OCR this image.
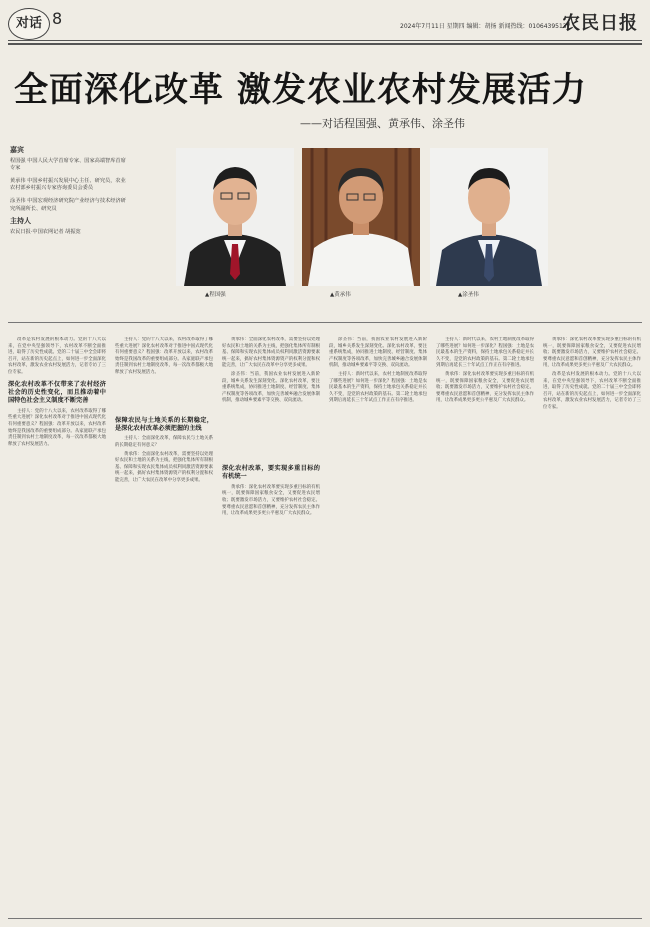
对话 8	2024年7月11日 星期四 编辑：胡扬 新闻热线：01064395137
农民日报
全面深化改革 激发农业农村发展活力
——对话程国强、黄承伟、涂圣伟
嘉宾
程国强 中国人民大学首席专家、国家高端智库首席专家
黄承伟 中国乡村振兴发展中心主任、研究员，农业农村部乡村振兴专家咨询委员会委员
涂圣伟 中国宏观经济研究院产业经济与技术经济研究所副所长、研究员
主持人
农民日报·中国农网记者 胡振宽
▲程国强	▲黄承伟	▲涂圣伟

改革是农村发展的根本动力。党的十八大以来，在党中央坚强领导下，农村改革不断全面推进，取得了历史性成就。党的二十届三中全会即将召开，站在新的历史起点上，如何进一步全面深化农村改革，激发农业农村发展活力，记者专访了三位专家。

深化农村改革不仅带来了农村经济社会的历史性变化，而且推动着中国特色社会主义制度不断完善

主持人：党的十八大以来，农村改革取得了哪些重大进展？深化农村改革对于推进中国式现代化有何重要意义？程国强：改革开放以来，农村改革始终是我国改革的重要组成部分。从家庭联产承包责任制到农村土地制度改革，每一次改革都极大地释放了农村发展活力。

主持人：党的十八大以来，农村改革取得了哪些重大进展？深化农村改革对于推进中国式现代化有何重要意义？程国强：改革开放以来，农村改革始终是我国改革的重要组成部分。从家庭联产承包责任制到农村土地制度改革，每一次改革都极大地释放了农村发展活力。

保障农民与土地关系的长期稳定，是深化农村改革必须把握的主线

主持人：全面深化改革，保障农民与土地关系的长期稳定有何意义？

黄承伟：全面深化农村改革，需要坚持以处理好农民和土地的关系为主线，把强化集体所有制根基、保障和实现农民集体成员权利同激活资源要素统一起来，搞好农村集体资源资产的权利分置和权能完善，让广大农民在改革中分享更多成果。

黄承伟：全面深化农村改革，需要坚持以处理好农民和土地的关系为主线，把强化集体所有制根基、保障和实现农民集体成员权利同激活资源要素统一起来，搞好农村集体资源资产的权利分置和权能完善，让广大农民在改革中分享更多成果。

涂圣伟：当前，我国农业农村发展进入新阶段，城乡关系发生深刻变化。深化农村改革，要注重系统集成，协同推进土地制度、经营制度、集体产权制度等各项改革，加快完善城乡融合发展体制机制，推动城乡要素平等交换、双向流动。

深化农村改革，要实现多重目标的有机统一

黄承伟：深化农村改革要实现多重目标的有机统一，既要保障国家粮食安全，又要促进农民增收；既要激发市场活力，又要维护农村社会稳定。要尊重农民意愿和首创精神，充分发挥农民主体作用，让改革成果更多更公平惠及广大农民群众。

涂圣伟：当前，我国农业农村发展进入新阶段，城乡关系发生深刻变化。深化农村改革，要注重系统集成，协同推进土地制度、经营制度、集体产权制度等各项改革，加快完善城乡融合发展体制机制，推动城乡要素平等交换、双向流动。

主持人：新时代以来，农村土地制度改革取得了哪些进展？如何进一步深化？程国强：土地是农民最基本的生产资料，保持土地承包关系稳定并长久不变，是党的农村政策的基石。第二轮土地承包到期后再延长三十年试点工作正在有序推进。

主持人：新时代以来，农村土地制度改革取得了哪些进展？如何进一步深化？程国强：土地是农民最基本的生产资料，保持土地承包关系稳定并长久不变，是党的农村政策的基石。第二轮土地承包到期后再延长三十年试点工作正在有序推进。

黄承伟：深化农村改革要实现多重目标的有机统一，既要保障国家粮食安全，又要促进农民增收；既要激发市场活力，又要维护农村社会稳定。要尊重农民意愿和首创精神，充分发挥农民主体作用，让改革成果更多更公平惠及广大农民群众。

黄承伟：深化农村改革要实现多重目标的有机统一，既要保障国家粮食安全，又要促进农民增收；既要激发市场活力，又要维护农村社会稳定。要尊重农民意愿和首创精神，充分发挥农民主体作用，让改革成果更多更公平惠及广大农民群众。

改革是农村发展的根本动力。党的十八大以来，在党中央坚强领导下，农村改革不断全面推进，取得了历史性成就。党的二十届三中全会即将召开，站在新的历史起点上，如何进一步全面深化农村改革，激发农业农村发展活力，记者专访了三位专家。
